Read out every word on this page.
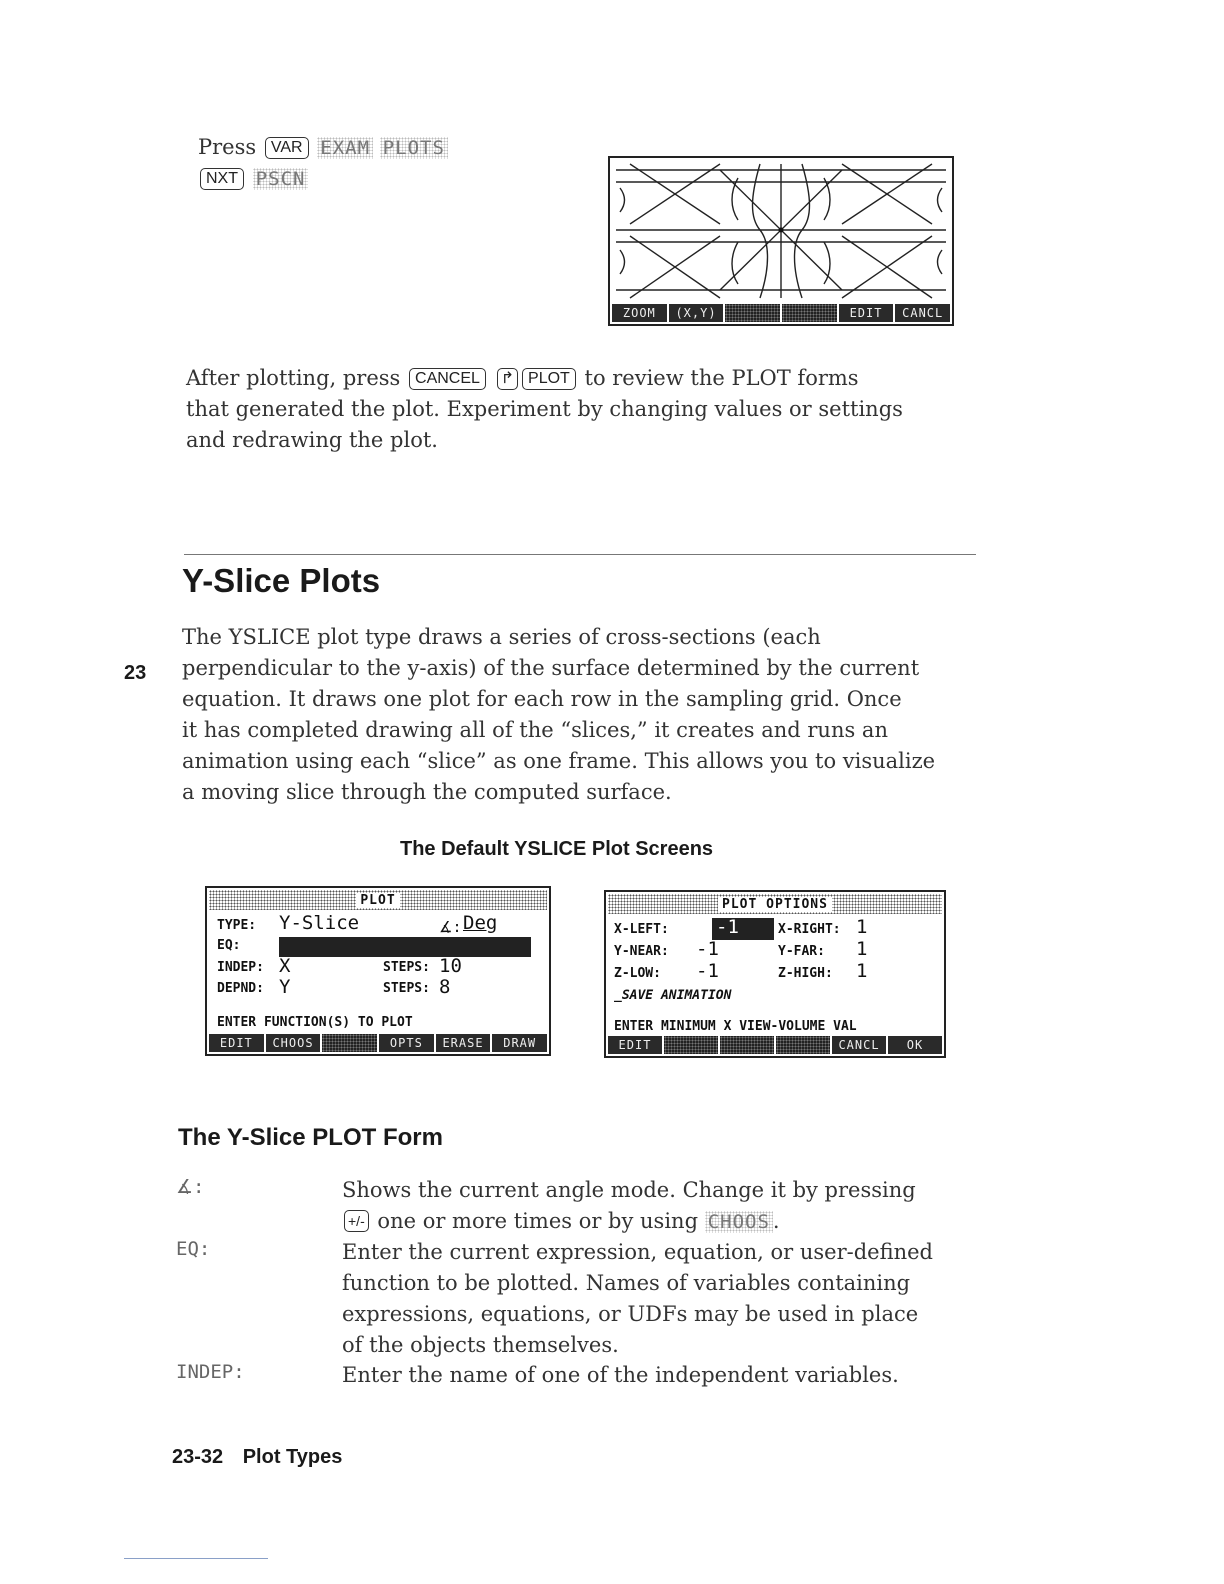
Press VAR EXAM PLOTS
NXT PSCN
ZOOM	(X,Y)	EDIT	CANCL
After plotting, press CANCEL ↱ PLOT to review the PLOT forms
that generated the plot. Experiment by changing values or settings
and redrawing the plot.
Y-Slice Plots
23
The YSLICE plot type draws a series of cross-sections (each
perpendicular to the y-axis) of the surface determined by the current
equation. It draws one plot for each row in the sampling grid. Once
it has completed drawing all of the “slices,” it creates and runs an
animation using each “slice” as one frame. This allows you to visualize
a moving slice through the computed surface.
The Default YSLICE Plot Screens
PLOT
TYPE: Y-Slice	∡: Deg
EQ:
INDEP: X	STEPS: 10
DEPND: Y	STEPS: 8
ENTER FUNCTION(S) TO PLOT
EDIT	CHOOS	OPTS	ERASE	DRAW
PLOT OPTIONS
X-LEFT: -1	X-RIGHT: 1
Y-NEAR: -1	Y-FAR: 1
Z-LOW: -1	Z-HIGH: 1
_SAVE ANIMATION
ENTER MINIMUM X VIEW-VOLUME VAL
EDIT	CANCL	OK
The Y-Slice PLOT Form
∡:	Shows the current angle mode. Change it by pressing
+/- one or more times or by using CHOOS .
EQ:	Enter the current expression, equation, or user-defined
function to be plotted. Names of variables containing
expressions, equations, or UDFs may be used in place
of the objects themselves.
INDEP:	Enter the name of one of the independent variables.
23-32 Plot Types
